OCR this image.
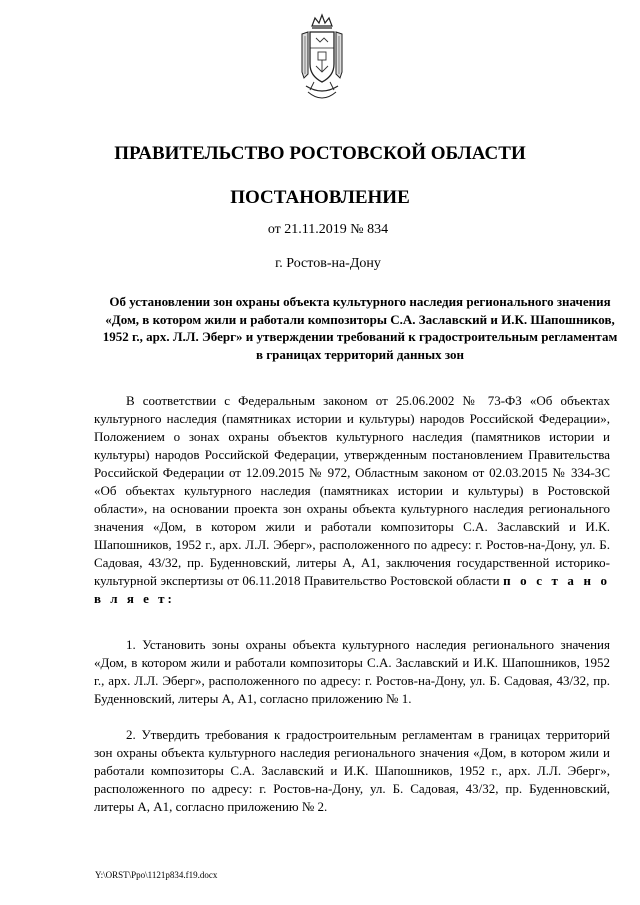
ПРАВИТЕЛЬСТВО РОСТОВСКОЙ ОБЛАСТИ
ПОСТАНОВЛЕНИЕ
от 21.11.2019 № 834
г. Ростов-на-Дону
Об установлении зон охраны объекта культурного наследия регионального значения «Дом, в котором жили и работали композиторы С.А. Заславский и И.К. Шапошников, 1952 г., арх. Л.Л. Эберг» и утверждении требований к градостроительным регламентам в границах территорий данных зон

В соответствии с Федеральным законом от 25.06.2002 № 73-ФЗ «Об объектах культурного наследия (памятниках истории и культуры) народов Российской Федерации», Положением о зонах охраны объектов культурного наследия (памятников истории и культуры) народов Российской Федерации, утвержденным постановлением Правительства Российской Федерации от 12.09.2015 № 972, Областным законом от 02.03.2015 № 334-ЗС «Об объектах культурного наследия (памятниках истории и культуры) в Ростовской области», на основании проекта зон охраны объекта культурного наследия регионального значения «Дом, в котором жили и работали композиторы С.А. Заславский и И.К. Шапошников, 1952 г., арх. Л.Л. Эберг», расположенного по адресу: г. Ростов-на-Дону, ул. Б. Садовая, 43/32, пр. Буденновский, литеры А, А1, заключения государственной историко-культурной экспертизы от 06.11.2018 Правительство Ростовской области п о с т а н о в л я е т:

1. Установить зоны охраны объекта культурного наследия регионального значения «Дом, в котором жили и работали композиторы С.А. Заславский и И.К. Шапошников, 1952 г., арх. Л.Л. Эберг», расположенного по адресу: г. Ростов-на-Дону, ул. Б. Садовая, 43/32, пр. Буденновский, литеры А, А1, согласно приложению № 1.

2. Утвердить требования к градостроительным регламентам в границах территорий зон охраны объекта культурного наследия регионального значения «Дом, в котором жили и работали композиторы С.А. Заславский и И.К. Шапошников, 1952 г., арх. Л.Л. Эберг», расположенного по адресу: г. Ростов-на-Дону, ул. Б. Садовая, 43/32, пр. Буденновский, литеры А, А1, согласно приложению № 2.

Y:\ORST\Ppo\1121p834.f19.docx
